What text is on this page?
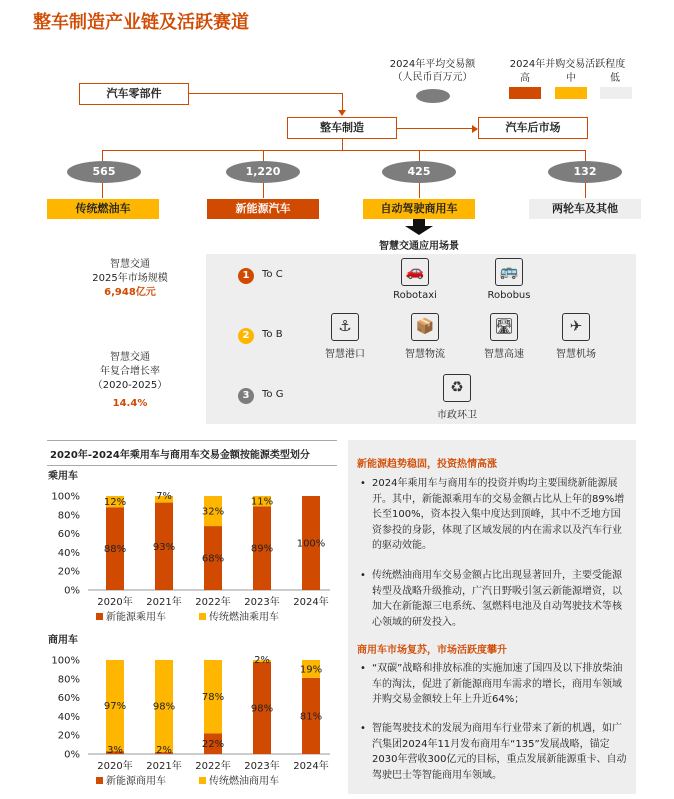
整车制造产业链及活跃赛道
2024年平均交易额
（人民币百万元）
2024年并购交易活跃程度
高	中	低
汽车零部件
整车制造	汽车后市场
565	1,220	425	132
传统燃油车	新能源汽车	自动驾驶商用车	两轮车及其他
智慧交通应用场景
智慧交通
2025年市场规模
6,948亿元
智慧交通
年复合增长率
（2020-2025）
14.4%
1	To C
2	To B
3	To G
🚗
Robotaxi
🚌
Robobus
⚓
智慧港口
📦
智慧物流
🛣
智慧高速
✈
智慧机场
♻
市政环卫
2020年-2024年乘用车与商用车交易金额按能源类型划分
乘用车
0%
20%
40%
60%
80%
100%
88%
12%
2020年
93%
7%
2021年
68%
32%
2022年
89%
11%
2023年
100%
2024年
新能源乘用车	传统燃油乘用车
商用车
0%
20%
40%
60%
80%
100%
3%
97%
2020年
2%
98%
2021年
22%
78%
2022年
98%
2%
2023年
81%
19%
2024年
新能源商用车	传统燃油商用车
新能源趋势稳固，投资热情高涨
• 2024年乘用车与商用车的投资并购均主要围绕新能源展开。其中，新能源乘用车的交易金额占比从上年的89%增长至100%，资本投入集中度达到顶峰，其中不乏地方国资参投的身影，体现了区域发展的内在需求以及汽车行业的驱动效能。
• 传统燃油商用车交易金额占比出现显著回升，主要受能源转型及战略升级推动，广汽日野吸引氢云新能源增资，以加大在新能源三电系统、氢燃料电池及自动驾驶技术等核心领域的研发投入。
商用车市场复苏，市场活跃度攀升
• “双碳”战略和排放标准的实施加速了国四及以下排放柴油车的淘汰，促进了新能源商用车需求的增长，商用车领域并购交易金额较上年上升近64%；
• 智能驾驶技术的发展为商用车行业带来了新的机遇，如广汽集团2024年11月发布商用车“135”发展战略，锚定2030年营收300亿元的目标，重点发展新能源重卡、自动驾驶巴士等智能商用车领域。
